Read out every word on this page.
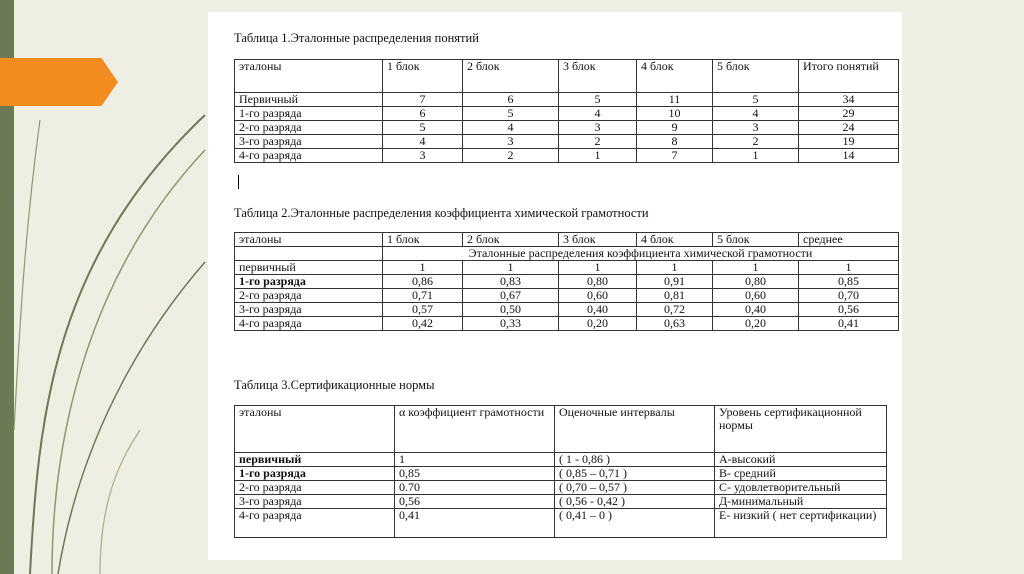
Таблица 1.Эталонные распределения понятий
эталоны	1 блок	2 блок	3 блок	4 блок	5 блок	Итого понятий
Первичный	7	6	5	11	5	34
1-го разряда	6	5	4	10	4	29
2-го разряда	5	4	3	9	3	24
3-го разряда	4	3	2	8	2	19
4-го разряда	3	2	1	7	1	14
Таблица 2.Эталонные распределения коэффициента химической грамотности
эталоны	1 блок	2 блок	3 блок	4 блок	5 блок	среднее
	Эталонные распределения коэффициента химической грамотности					
первичный	1	1	1	1	1	1
1-го разряда	0,86	0,83	0,80	0,91	0,80	0,85
2-го разряда	0,71	0,67	0,60	0,81	0,60	0,70
3-го разряда	0,57	0,50	0,40	0,72	0,40	0,56
4-го разряда	0,42	0,33	0,20	0,63	0,20	0,41
Таблица 3.Сертификационные нормы
эталоны	α коэффициент грамотности	Оценочные интервалы	Уровень сертификационной нормы
первичный	1	( 1 - 0,86 )	А-высокий
1-го разряда	0,85	( 0,85 – 0,71 )	В- средний
2-го разряда	0.70	( 0,70 – 0,57 )	С- удовлетворительный
3-го разряда	0,56	( 0,56 - 0,42 )	Д-минимальный
4-го разряда	0,41	( 0,41 – 0 )	Е- низкий ( нет сертификации)
